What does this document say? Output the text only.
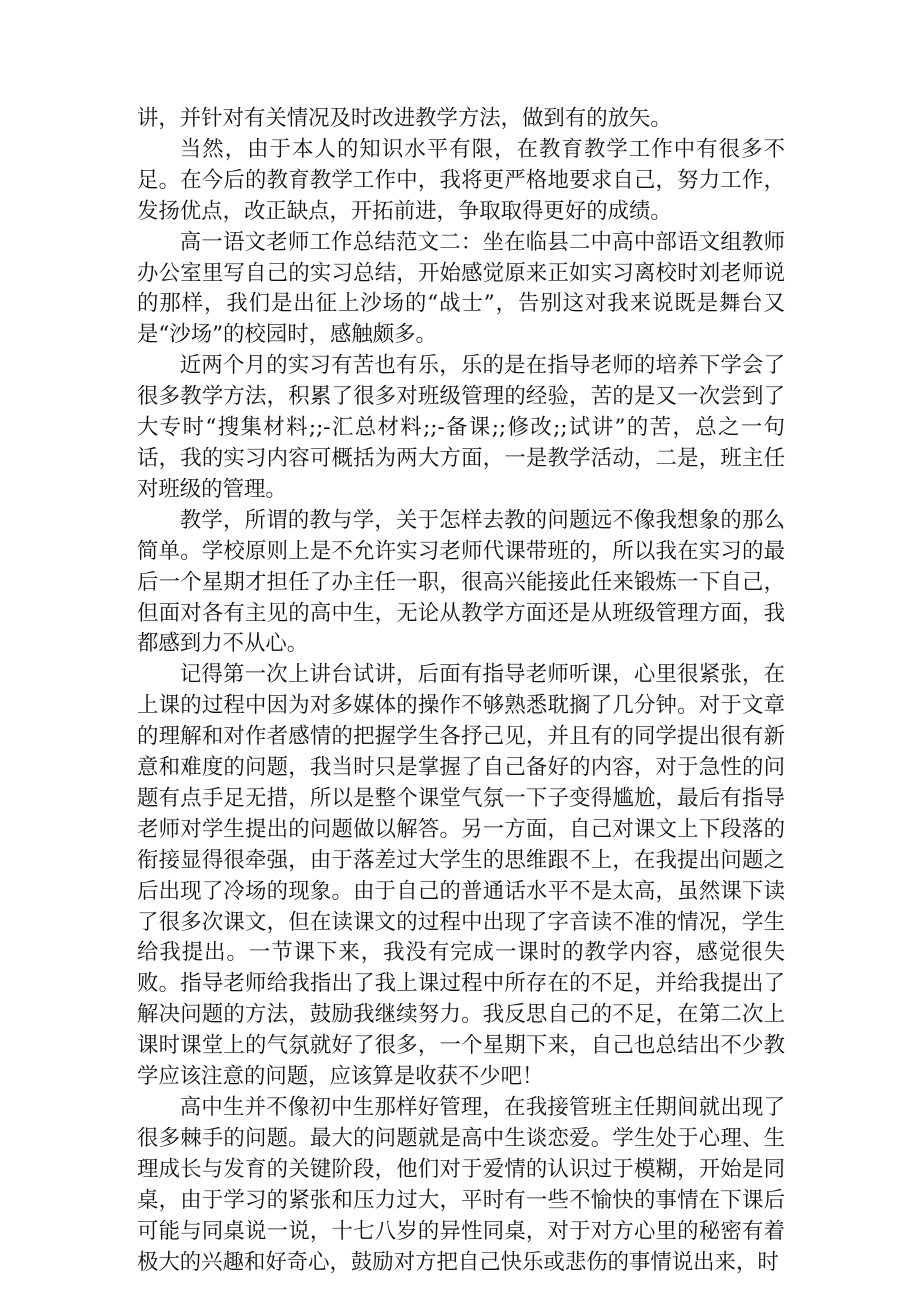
讲，并针对有关情况及时改进教学方法，做到有的放矢。

当然，由于本人的知识水平有限，在教育教学工作中有很多不足。在今后的教育教学工作中，我将更严格地要求自己，努力工作，发扬优点，改正缺点，开拓前进，争取取得更好的成绩。

高一语文老师工作总结范文二：坐在临县二中高中部语文组教师办公室里写自己的实习总结，开始感觉原来正如实习离校时刘老师说的那样，我们是出征上沙场的“战士”，告别这对我来说既是舞台又是“沙场”的校园时，感触颇多。

近两个月的实习有苦也有乐，乐的是在指导老师的培养下学会了很多教学方法，积累了很多对班级管理的经验，苦的是又一次尝到了大专时“搜集材料;;-汇总材料;;-备课;;修改;;试讲”的苦，总之一句话，我的实习内容可概括为两大方面，一是教学活动，二是，班主任对班级的管理。

教学，所谓的教与学，关于怎样去教的问题远不像我想象的那么简单。学校原则上是不允许实习老师代课带班的，所以我在实习的最后一个星期才担任了办主任一职，很高兴能接此任来锻炼一下自己，但面对各有主见的高中生，无论从教学方面还是从班级管理方面，我都感到力不从心。

记得第一次上讲台试讲，后面有指导老师听课，心里很紧张，在上课的过程中因为对多媒体的操作不够熟悉耽搁了几分钟。对于文章的理解和对作者感情的把握学生各抒己见，并且有的同学提出很有新意和难度的问题，我当时只是掌握了自己备好的内容，对于急性的问题有点手足无措，所以是整个课堂气氛一下子变得尴尬，最后有指导老师对学生提出的问题做以解答。另一方面，自己对课文上下段落的衔接显得很牵强，由于落差过大学生的思维跟不上，在我提出问题之后出现了冷场的现象。由于自己的普通话水平不是太高，虽然课下读了很多次课文，但在读课文的过程中出现了字音读不准的情况，学生给我提出。一节课下来，我没有完成一课时的教学内容，感觉很失败。指导老师给我指出了我上课过程中所存在的不足，并给我提出了解决问题的方法，鼓励我继续努力。我反思自己的不足，在第二次上课时课堂上的气氛就好了很多，一个星期下来，自己也总结出不少教学应该注意的问题，应该算是收获不少吧！

高中生并不像初中生那样好管理，在我接管班主任期间就出现了很多棘手的问题。最大的问题就是高中生谈恋爱。学生处于心理、生理成长与发育的关键阶段，他们对于爱情的认识过于模糊，开始是同桌，由于学习的紧张和压力过大，平时有一些不愉快的事情在下课后可能与同桌说一说，十七八岁的异性同桌，对于对方心里的秘密有着极大的兴趣和好奇心，鼓励对方把自己快乐或悲伤的事情说出来，时
